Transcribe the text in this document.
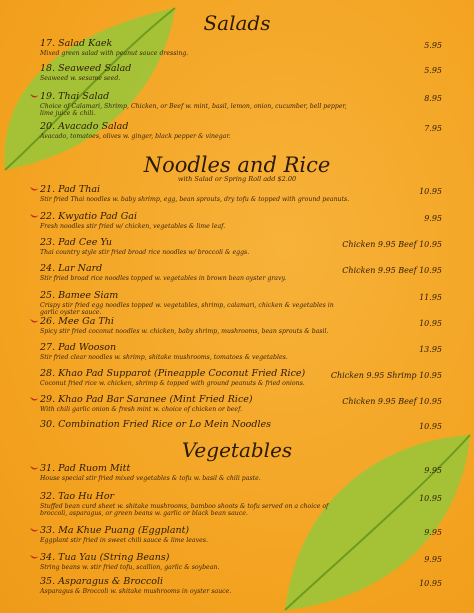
Salads
Noodles and Rice
with Salad or Spring Roll add $2.00
Vegetables
17. Salad Kaek
Mixed green salad with peanut sauce dressing.
5.95
18. Seaweed Salad
Seaweed w. sesame seed.
5.95
19. Thai Salad
Choice of Calamari, Shrimp, Chicken, or Beef w. mint, basil, lemon, onion, cucumber, bell pepper, lime juice & chili.
8.95
20. Avacado Salad
Avacado, tomatoes, olives w. ginger, black pepper & vinegar.
7.95
21. Pad Thai
Stir fried Thai noodles w. baby shrimp, egg, bean sprouts, dry tofu & topped with ground peanuts.
10.95
22. Kwyatio Pad Gai
Fresh noodles stir fried w/ chicken, vegetables & lime leaf.
9.95
23. Pad Cee Yu
Thai country style stir fried broad rice noodles w/ broccoli & eggs.
Chicken 9.95 Beef 10.95
24. Lar Nard
Stir fried broad rice noodles topped w. vegetables in brown bean oyster gravy.
Chicken 9.95 Beef 10.95
25. Bamee Siam
Crispy stir fried egg noodles topped w. vegetables, shrimp, calamari, chicken & vegetables in garlic oyster sauce.
11.95
26. Mee Ga Thi
Spicy stir fried coconut noodles w. chicken, baby shrimp, mushrooms, bean sprouts & basil.
10.95
27. Pad Wooson
Stir fried clear noodles w. shrimp, shitake mushrooms, tomatoes & vegetables.
13.95
28. Khao Pad Supparot (Pineapple Coconut Fried Rice)
Coconut fried rice w. chicken, shrimp & topped with ground peanuts & fried onions.
Chicken 9.95 Shrimp 10.95
29. Khao Pad Bar Saranee (Mint Fried Rice)
With chili garlic onion & fresh mint w. choice of chicken or beef.
Chicken 9.95 Beef 10.95
30. Combination Fried Rice or Lo Mein Noodles	10.95
31. Pad Ruom Mitt
House special stir fried mixed vegetables & tofu w. basil & chili paste.
9.95
32. Tao Hu Hor
Stuffed bean curd sheet w. shitake mushrooms, bamboo shoots & tofu served on a choice of broccoli, asparagus, or green beans w. garlic or black bean sauce.
10.95
33. Ma Khue Puang (Eggplant)
Eggplant stir fried in sweet chili sauce & lime leaves.
9.95
34. Tua Yau (String Beans)
String beans w. stir fried tofu, scallion, garlic & soybean.
9.95
35. Asparagus & Broccoli
Asparagus & Broccoli w. shitake mushrooms in oyster sauce.
10.95
